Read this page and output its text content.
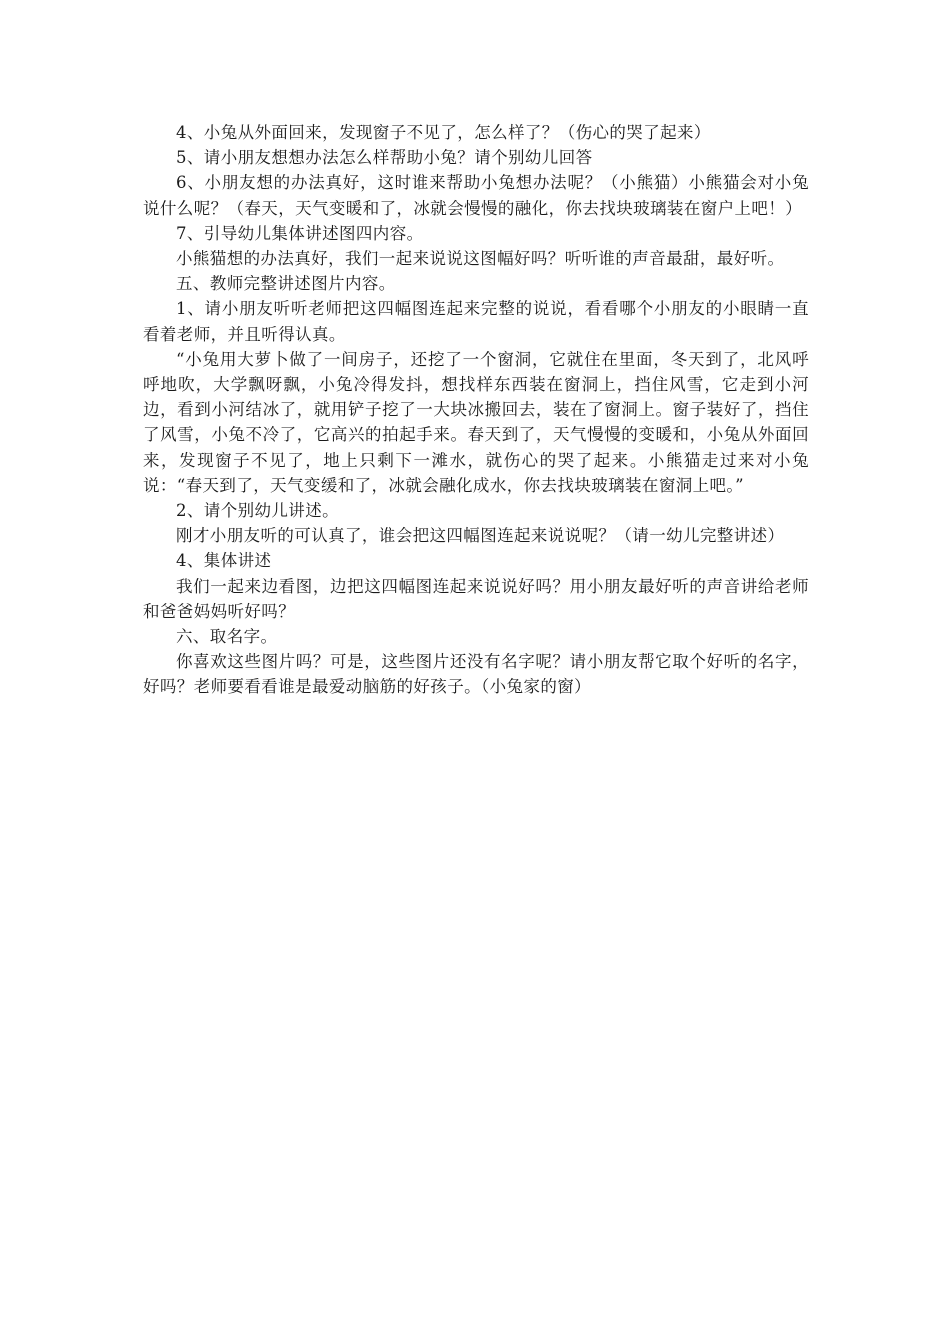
4、小兔从外面回来，发现窗子不见了，怎么样了？（伤心的哭了起来）

5、请小朋友想想办法怎么样帮助小兔？请个别幼儿回答

6、小朋友想的办法真好，这时谁来帮助小兔想办法呢？（小熊猫）小熊猫会对小兔说什么呢？（春天，天气变暖和了，冰就会慢慢的融化，你去找块玻璃装在窗户上吧！）

7、引导幼儿集体讲述图四内容。

小熊猫想的办法真好，我们一起来说说这图幅好吗？听听谁的声音最甜，最好听。

五、教师完整讲述图片内容。

1、请小朋友听听老师把这四幅图连起来完整的说说，看看哪个小朋友的小眼睛一直看着老师，并且听得认真。

“小兔用大萝卜做了一间房子，还挖了一个窗洞，它就住在里面，冬天到了，北风呼呼地吹，大学飘呀飘，小兔冷得发抖，想找样东西装在窗洞上，挡住风雪，它走到小河边，看到小河结冰了，就用铲子挖了一大块冰搬回去，装在了窗洞上。窗子装好了，挡住了风雪，小兔不冷了，它高兴的拍起手来。春天到了，天气慢慢的变暖和，小兔从外面回来，发现窗子不见了，地上只剩下一滩水，就伤心的哭了起来。小熊猫走过来对小兔说：“春天到了，天气变缓和了，冰就会融化成水，你去找块玻璃装在窗洞上吧。”

2、请个别幼儿讲述。

刚才小朋友听的可认真了，谁会把这四幅图连起来说说呢？（请一幼儿完整讲述）

4、集体讲述

我们一起来边看图，边把这四幅图连起来说说好吗？用小朋友最好听的声音讲给老师和爸爸妈妈听好吗？

六、取名字。

你喜欢这些图片吗？可是，这些图片还没有名字呢？请小朋友帮它取个好听的名字，好吗？老师要看看谁是最爱动脑筋的好孩子。（小兔家的窗）
